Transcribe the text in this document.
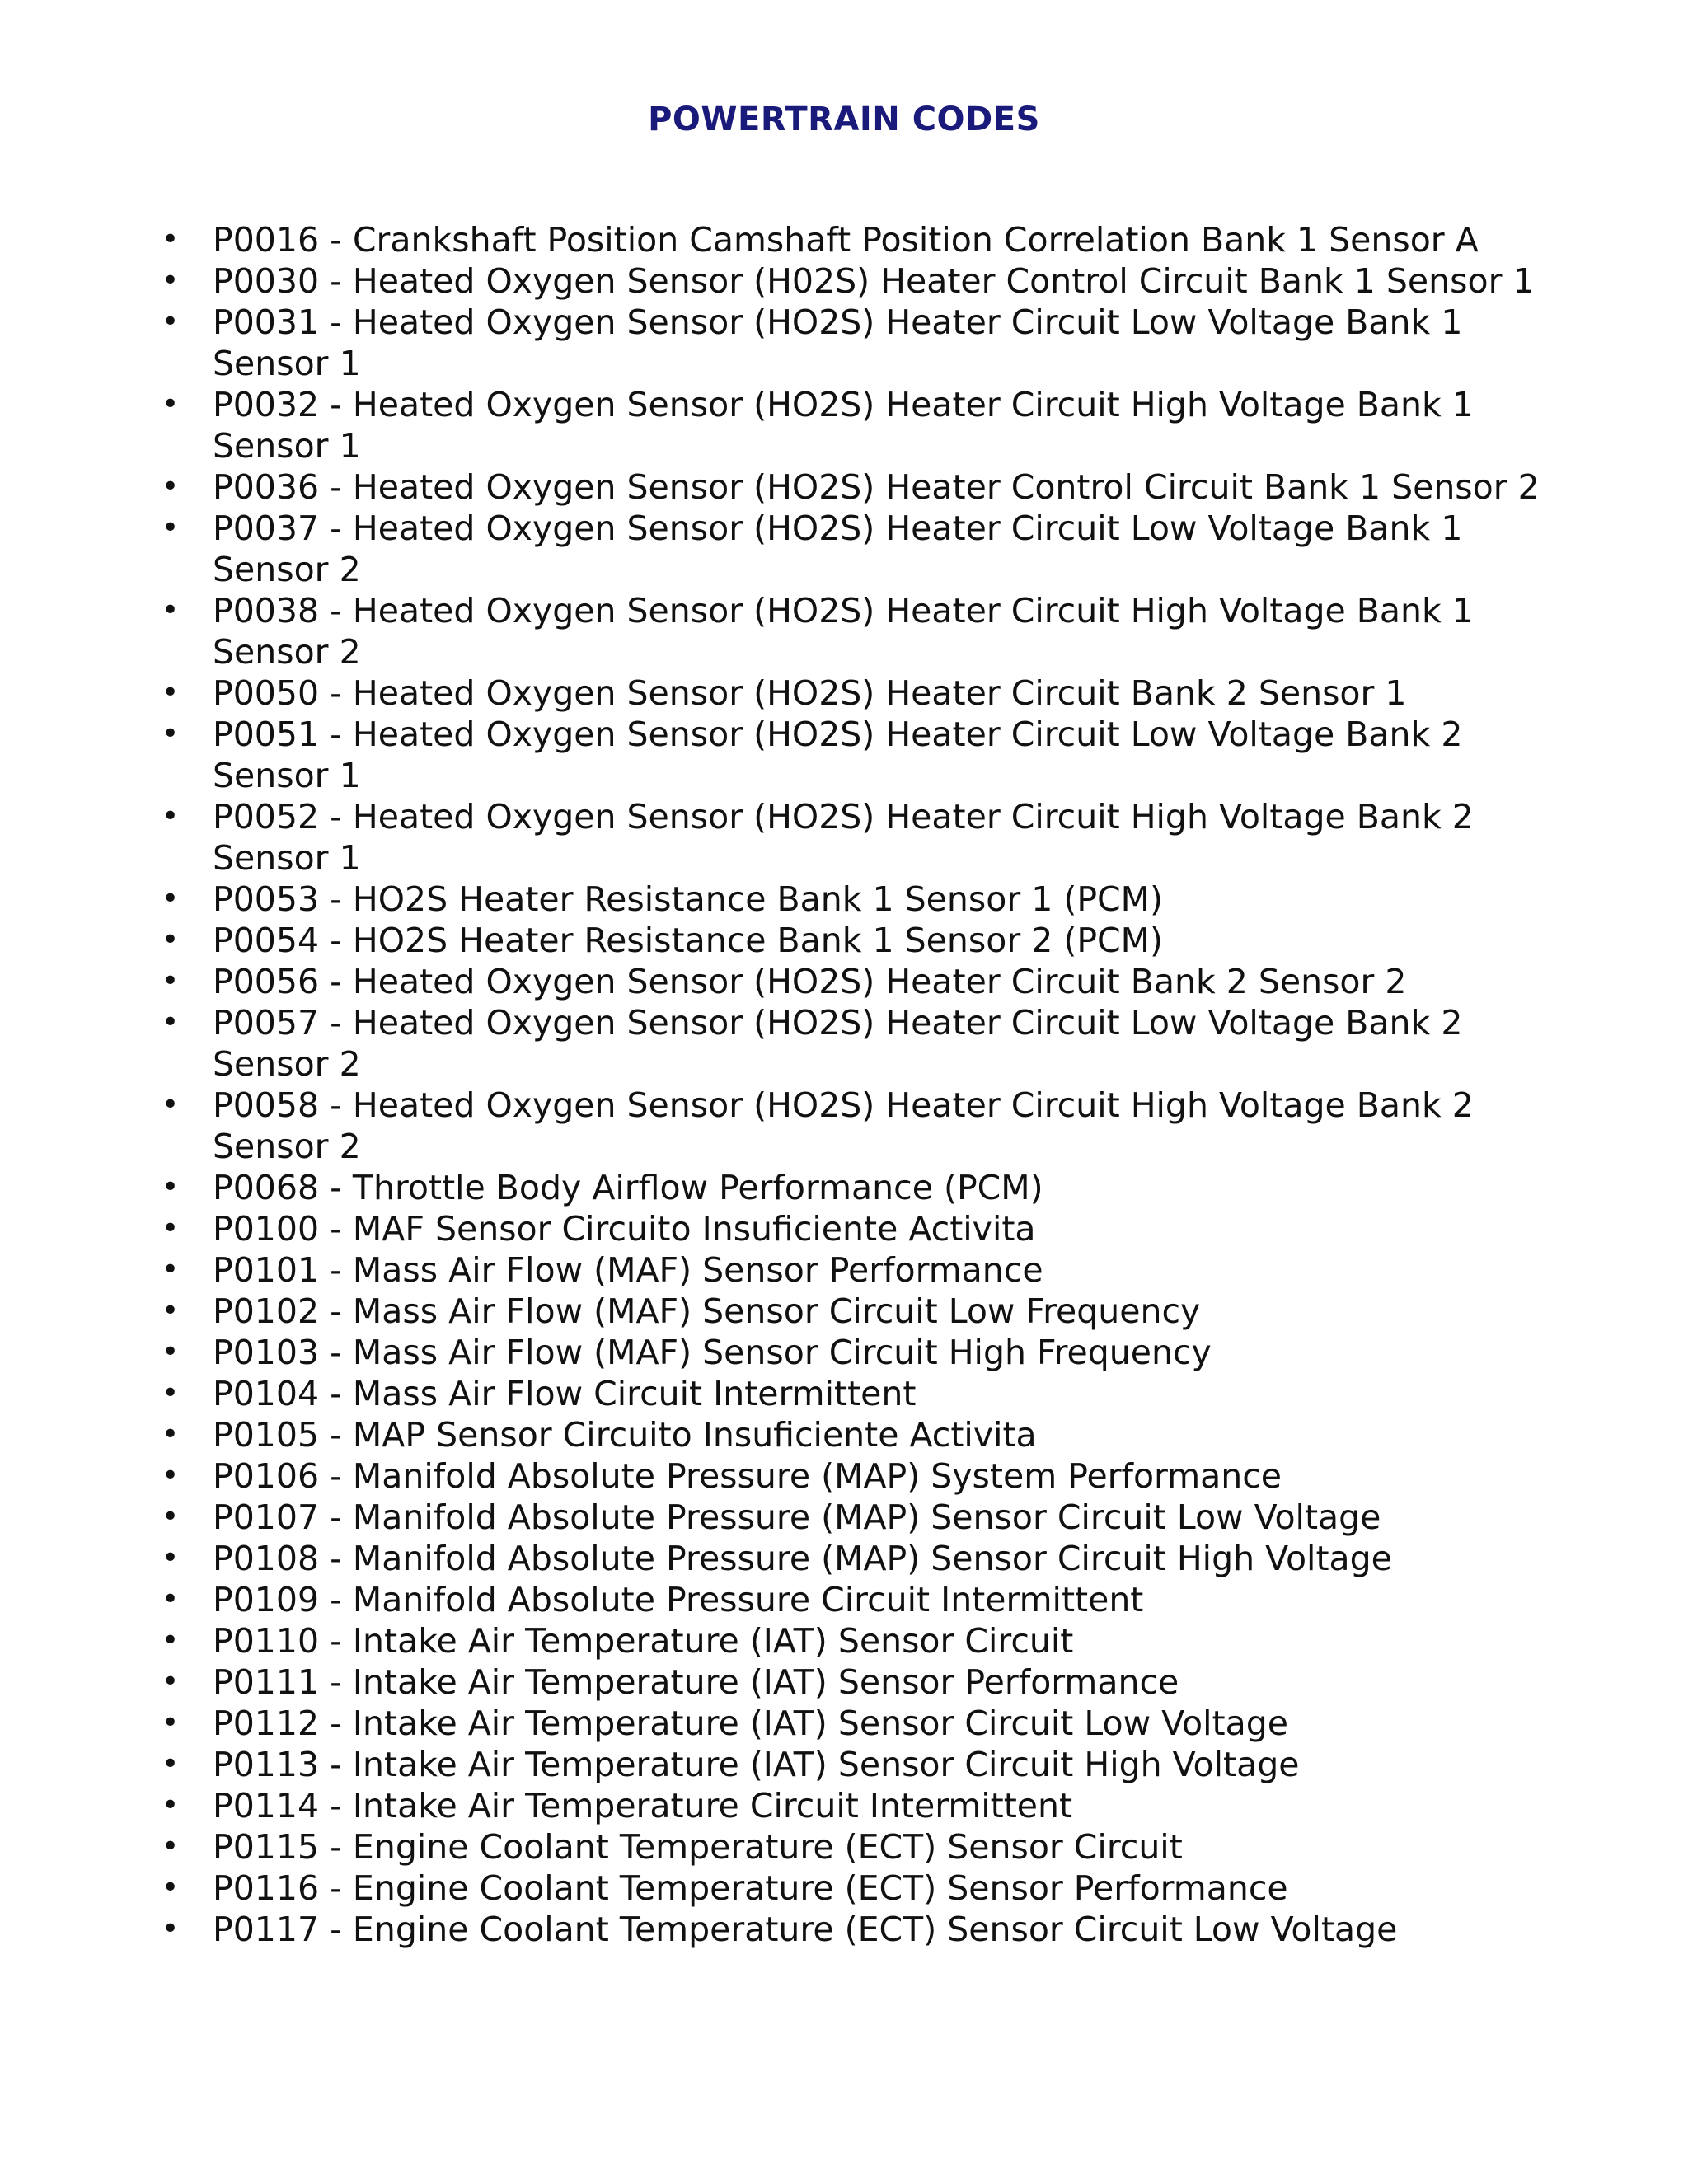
POWERTRAIN CODES
• P0016 - Crankshaft Position Camshaft Position Correlation Bank 1 Sensor A
• P0030 - Heated Oxygen Sensor (H02S) Heater Control Circuit Bank 1 Sensor 1
• P0031 - Heated Oxygen Sensor (HO2S) Heater Circuit Low Voltage Bank 1 Sensor 1
• P0032 - Heated Oxygen Sensor (HO2S) Heater Circuit High Voltage Bank 1 Sensor 1
• P0036 - Heated Oxygen Sensor (HO2S) Heater Control Circuit Bank 1 Sensor 2
• P0037 - Heated Oxygen Sensor (HO2S) Heater Circuit Low Voltage Bank 1 Sensor 2
• P0038 - Heated Oxygen Sensor (HO2S) Heater Circuit High Voltage Bank 1 Sensor 2
• P0050 - Heated Oxygen Sensor (HO2S) Heater Circuit Bank 2 Sensor 1
• P0051 - Heated Oxygen Sensor (HO2S) Heater Circuit Low Voltage Bank 2 Sensor 1
• P0052 - Heated Oxygen Sensor (HO2S) Heater Circuit High Voltage Bank 2 Sensor 1
• P0053 - HO2S Heater Resistance Bank 1 Sensor 1 (PCM)
• P0054 - HO2S Heater Resistance Bank 1 Sensor 2 (PCM)
• P0056 - Heated Oxygen Sensor (HO2S) Heater Circuit Bank 2 Sensor 2
• P0057 - Heated Oxygen Sensor (HO2S) Heater Circuit Low Voltage Bank 2 Sensor 2
• P0058 - Heated Oxygen Sensor (HO2S) Heater Circuit High Voltage Bank 2 Sensor 2
• P0068 - Throttle Body Airflow Performance (PCM)
• P0100 - MAF Sensor Circuito Insuficiente Activita
• P0101 - Mass Air Flow (MAF) Sensor Performance
• P0102 - Mass Air Flow (MAF) Sensor Circuit Low Frequency
• P0103 - Mass Air Flow (MAF) Sensor Circuit High Frequency
• P0104 - Mass Air Flow Circuit Intermittent
• P0105 - MAP Sensor Circuito Insuficiente Activita
• P0106 - Manifold Absolute Pressure (MAP) System Performance
• P0107 - Manifold Absolute Pressure (MAP) Sensor Circuit Low Voltage
• P0108 - Manifold Absolute Pressure (MAP) Sensor Circuit High Voltage
• P0109 - Manifold Absolute Pressure Circuit Intermittent
• P0110 - Intake Air Temperature (IAT) Sensor Circuit
• P0111 - Intake Air Temperature (IAT) Sensor Performance
• P0112 - Intake Air Temperature (IAT) Sensor Circuit Low Voltage
• P0113 - Intake Air Temperature (IAT) Sensor Circuit High Voltage
• P0114 - Intake Air Temperature Circuit Intermittent
• P0115 - Engine Coolant Temperature (ECT) Sensor Circuit
• P0116 - Engine Coolant Temperature (ECT) Sensor Performance
• P0117 - Engine Coolant Temperature (ECT) Sensor Circuit Low Voltage
